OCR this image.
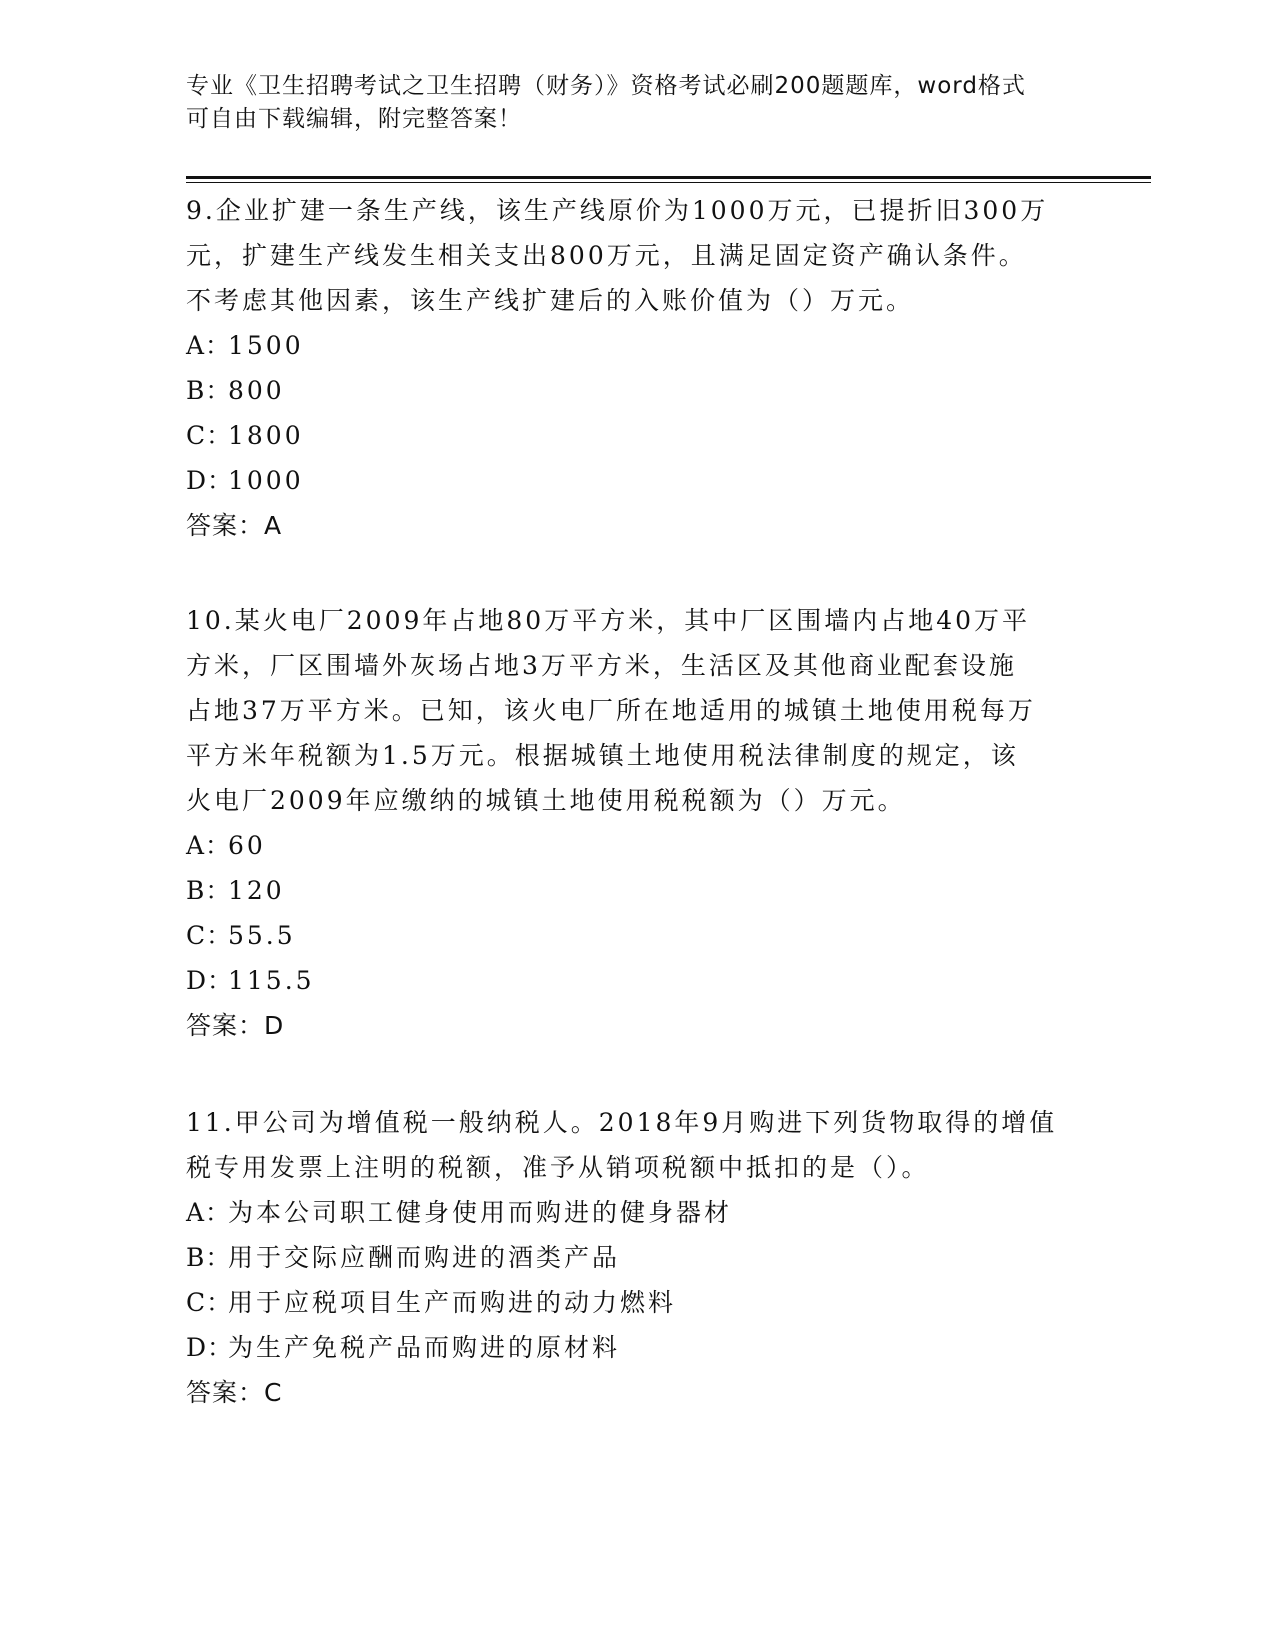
专业《卫生招聘考试之卫生招聘（财务）》资格考试必刷200题题库，word格式
可自由下载编辑，附完整答案！

9.企业扩建一条生产线，该生产线原价为1000万元，已提折旧300万

元，扩建生产线发生相关支出800万元，且满足固定资产确认条件。

不考虑其他因素，该生产线扩建后的入账价值为（）万元。

A：1500

B：800

C：1800

D：1000

答案：A

10.某火电厂2009年占地80万平方米，其中厂区围墙内占地40万平

方米，厂区围墙外灰场占地3万平方米，生活区及其他商业配套设施

占地37万平方米。已知，该火电厂所在地适用的城镇土地使用税每万

平方米年税额为1.5万元。根据城镇土地使用税法律制度的规定，该

火电厂2009年应缴纳的城镇土地使用税税额为（）万元。

A：60

B：120

C：55.5

D：115.5

答案：D

11.甲公司为增值税一般纳税人。2018年9月购进下列货物取得的增值

税专用发票上注明的税额，准予从销项税额中抵扣的是（）。

A：为本公司职工健身使用而购进的健身器材

B：用于交际应酬而购进的酒类产品

C：用于应税项目生产而购进的动力燃料

D：为生产免税产品而购进的原材料

答案：C
